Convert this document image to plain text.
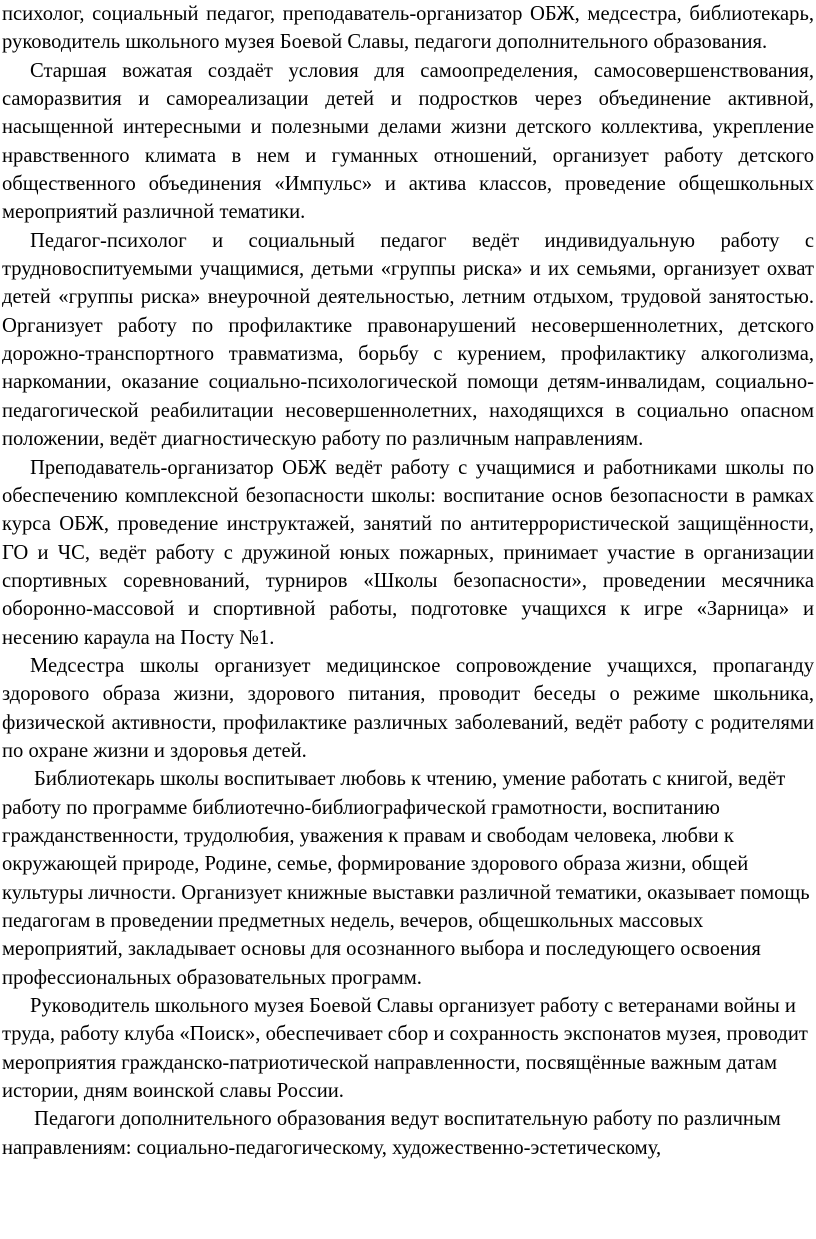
психолог, социальный педагог, преподаватель-организатор ОБЖ, медсестра, библиотекарь, руководитель школьного музея Боевой Славы, педагоги дополнительного образования.

Старшая вожатая создаёт условия для самоопределения, самосовершенствования, саморазвития и самореализации детей и подростков через объединение активной, насыщенной интересными и полезными делами жизни детского коллектива, укрепление нравственного климата в нем и гуманных отношений, организует работу детского общественного объединения «Импульс» и актива классов, проведение общешкольных мероприятий различной тематики.

Педагог-психолог и социальный педагог ведёт индивидуальную работу с трудновоспитуемыми учащимися, детьми «группы риска» и их семьями, организует охват детей «группы риска» внеурочной деятельностью, летним отдыхом, трудовой занятостью. Организует работу по профилактике правонарушений несовершеннолетних, детского дорожно-транспортного травматизма, борьбу с курением, профилактику алкоголизма, наркомании, оказание социально-психологической помощи детям-инвалидам, социально-педагогической реабилитации несовершеннолетних, находящихся в социально опасном положении, ведёт диагностическую работу по различным направлениям.

Преподаватель-организатор ОБЖ ведёт работу с учащимися и работниками школы по обеспечению комплексной безопасности школы: воспитание основ безопасности в рамках курса ОБЖ, проведение инструктажей, занятий по антитеррористической защищённости, ГО и ЧС, ведёт работу с дружиной юных пожарных, принимает участие в организации спортивных соревнований, турниров «Школы безопасности», проведении месячника оборонно-массовой и спортивной работы, подготовке учащихся к игре «Зарница» и несению караула на Посту №1.

Медсестра школы организует медицинское сопровождение учащихся, пропаганду здорового образа жизни, здорового питания, проводит беседы о режиме школьника, физической активности, профилактике различных заболеваний, ведёт работу с родителями по охране жизни и здоровья детей.

Библиотекарь школы воспитывает любовь к чтению, умение работать с книгой, ведёт работу по программе библиотечно-библиографической грамотности, воспитанию гражданственности, трудолюбия, уважения к правам и свободам человека, любви к окружающей природе, Родине, семье, формирование здорового образа жизни, общей культуры личности. Организует книжные выставки различной тематики, оказывает помощь педагогам в проведении предметных недель, вечеров, общешкольных массовых мероприятий, закладывает основы для осознанного выбора и последующего освоения профессиональных образовательных программ.

Руководитель школьного музея Боевой Славы организует работу с ветеранами войны и труда, работу клуба «Поиск», обеспечивает сбор и сохранность экспонатов музея, проводит мероприятия гражданско-патриотической направленности, посвящённые важным датам истории, дням воинской славы России.

Педагоги дополнительного образования ведут воспитательную работу по различным направлениям: социально-педагогическому, художественно-эстетическому,
